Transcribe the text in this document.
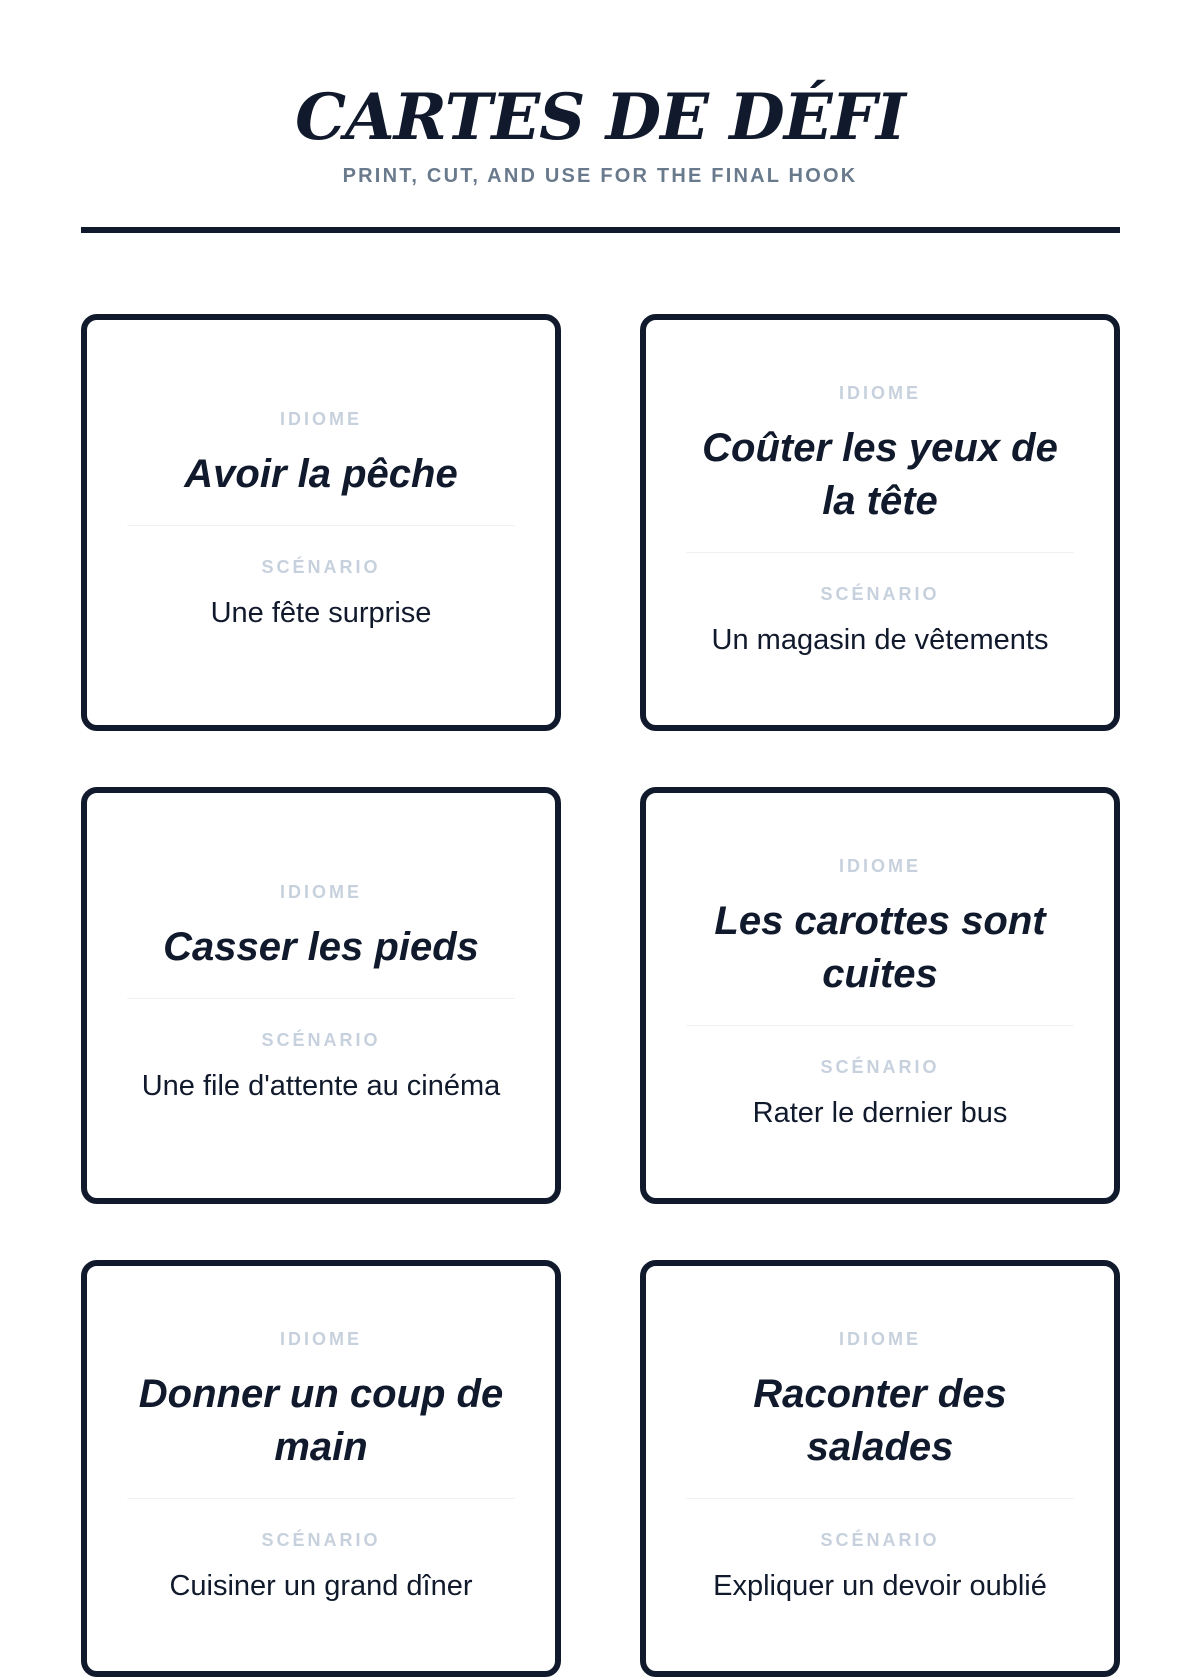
CARTES DE DÉFI
PRINT, CUT, AND USE FOR THE FINAL HOOK
IDIOME
Avoir la pêche
SCÉNARIO
Une fête surprise
IDIOME
Coûter les yeux de la tête
SCÉNARIO
Un magasin de vêtements
IDIOME
Casser les pieds
SCÉNARIO
Une file d'attente au cinéma
IDIOME
Les carottes sont cuites
SCÉNARIO
Rater le dernier bus
IDIOME
Donner un coup de main
SCÉNARIO
Cuisiner un grand dîner
IDIOME
Raconter des salades
SCÉNARIO
Expliquer un devoir oublié
